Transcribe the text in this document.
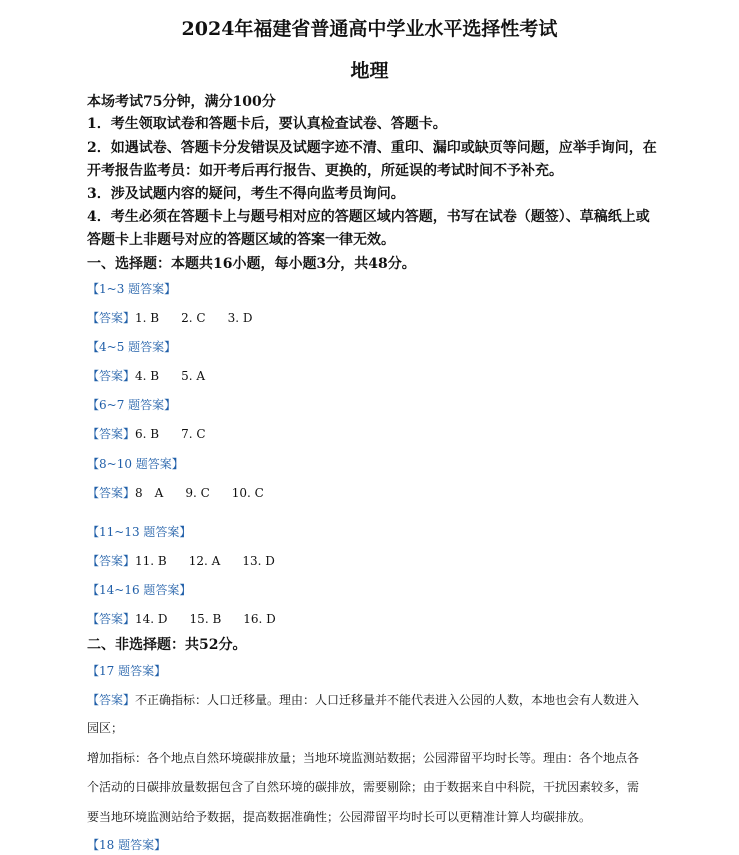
2024年福建省普通高中学业水平选择性考试
地理
本场考试75分钟，满分100分
1．考生领取试卷和答题卡后，要认真检查试卷、答题卡。
2．如遇试卷、答题卡分发错误及试题字迹不清、重印、漏印或缺页等问题，应举手询问，在
开考报告监考员：如开考后再行报告、更换的，所延误的考试时间不予补充。
3．涉及试题内容的疑问，考生不得向监考员询问。
4．考生必须在答题卡上与题号相对应的答题区域内答题，书写在试卷（题签）、草稿纸上或
答题卡上非题号对应的答题区域的答案一律无效。
一、选择题：本题共16小题，每小题3分，共48分。
【1~3 题答案】
【答案】1. B 2. C 3. D
【4~5 题答案】
【答案】4. B 5. A
【6~7 题答案】
【答案】6. B 7. C
【8~10 题答案】
【答案】8　A 9. C 10. C
【11~13 题答案】
【答案】11. B 12. A 13. D
【14~16 题答案】
【答案】14. D 15. B 16. D
二、非选择题：共52分。
【17 题答案】
【答案】不正确指标：人口迁移量。理由：人口迁移量并不能代表进入公园的人数，本地也会有人数进入
园区；
增加指标：各个地点自然环境碳排放量；当地环境监测站数据；公园滞留平均时长等。理由：各个地点各
个活动的日碳排放量数据包含了自然环境的碳排放，需要剔除；由于数据来自中科院，干扰因素较多，需
要当地环境监测站给予数据，提高数据准确性；公园滞留平均时长可以更精准计算人均碳排放。
【18 题答案】
